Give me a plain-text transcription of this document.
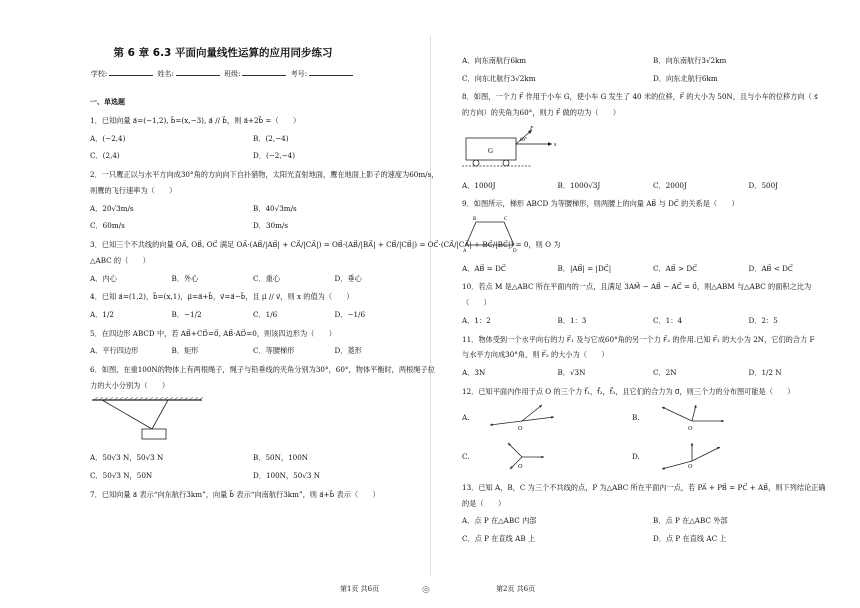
第 6 章 6.3 平面向量线性运算的应用同步练习
学校:	姓名:	班级:	考号:
一、单选题
1．已知向量 a⃗=(−1,2), b⃗=(x,−3), a⃗ // b⃗，则 a⃗+2b⃗ =（　　）
A．(−2,4)	B．(2,−4)
C．(2,4)	D．(−2,−4)
2．一只鹰正以与水平方向成30°角的方向向下自扑猎物，太阳光直射地面，鹰在地面上影子的速度为60m/s，
则鹰的飞行速率为（　　）
A．20√3m/s	B．40√3m/s
C．60m/s	D．30m/s
3．已知三个不共线的向量 OA⃗, OB⃗, OC⃗ 满足 OA⃗·(AB⃗/|AB⃗| + CA⃗/|CA⃗|) = OB⃗·(AB⃗/|BA⃗| + CB⃗/|CB⃗|) = OC⃗·(CA⃗/|CA⃗| + BC⃗/|BC⃗|) = 0，则 O 为
△ABC 的（　　）
A．内心	B．外心	C．重心	D．垂心
4．已知 a⃗=(1,2)，b⃗=(x,1)，μ⃗=a⃗+b⃗，v⃗=a⃗−b⃗，且 μ⃗ // v⃗，则 x 的值为（　　）
A．1/2	B．−1/2	C．1/6	D．−1/6
5．在四边形 ABCD 中，若 AB⃗+CD⃗=0⃗, AB⃗·AD⃗=0，则该四边形为（　　）
A．平行四边形	B．矩形	C．等腰梯形	D．菱形
6．如图，在重100N的物体上有两根绳子，绳子与铅垂线的夹角分别为30°，60°，物体平衡时，两根绳子拉
力的大小分别为（　　）
A．50√3 N，50√3 N	B．50N，100N
C．50√3 N，50N	D．100N，50√3 N
7．已知向量 a⃗ 表示“向东航行3km”，向量 b⃗ 表示“向南航行3km”，则 a⃗+b⃗ 表示（　　）
A．向东南航行6km	B．向东南航行3√2km
C．向东北航行3√2km	D．向东北航行6km
8．如图，一个力 F⃗ 作用于小车 G，使小车 G 发生了 40 米的位移，F⃗ 的大小为 50N，且与小车的位移方向（ s⃗
的方向）的夹角为60°，则力 F⃗ 做的功为（　　）
G
F
60°
s
A．1000J	B．1000√3J	C．2000J	D．500J
9．如图所示，梯形 ABCD 为等腰梯形，则两腰上的向量 AB⃗ 与 DC⃗ 的关系是（　　）
B	C
A	D
A．AB⃗ = DC⃗	B．|AB⃗| = |DC⃗|	C．AB⃗ > DC⃗	D．AB⃗ < DC⃗
10．若点 M 是△ABC 所在平面内的一点，且满足 3AM⃗ − AB⃗ − AC⃗ = 0⃗，则△ABM 与△ABC 的面积之比为
（　　）
A．1：2	B．1：3	C．1：4	D．2：5
11．物体受到一个水平向右的力 F⃗₁ 及与它成60°角的另一个力 F⃗₂ 的作用.已知 F⃗₁ 的大小为 2N，它们的合力 F
与水平方向成30°角，则 F⃗₂ 的大小为（　　）
A．3N	B．√3N	C．2N	D．1/2 N
12．已知平面内作用于点 O 的三个力 f⃗₁，f⃗₂，f⃗₃，且它们的合力为 0⃗，则三个力的分布图可能是（　　）
A.
O
B.
O
C.
O
D.
O
13．已知 A，B，C 为三个不共线的点，P 为△ABC 所在平面内一点，若 PA⃗ + PB⃗ = PC⃗ + AB⃗，则下列结论正确
的是（　　）
A．点 P 在△ABC 内部	B．点 P 在△ABC 外部
C．点 P 在直线 AB 上	D．点 P 在直线 AC 上
第1页 共6页	◎	第2页 共6页
